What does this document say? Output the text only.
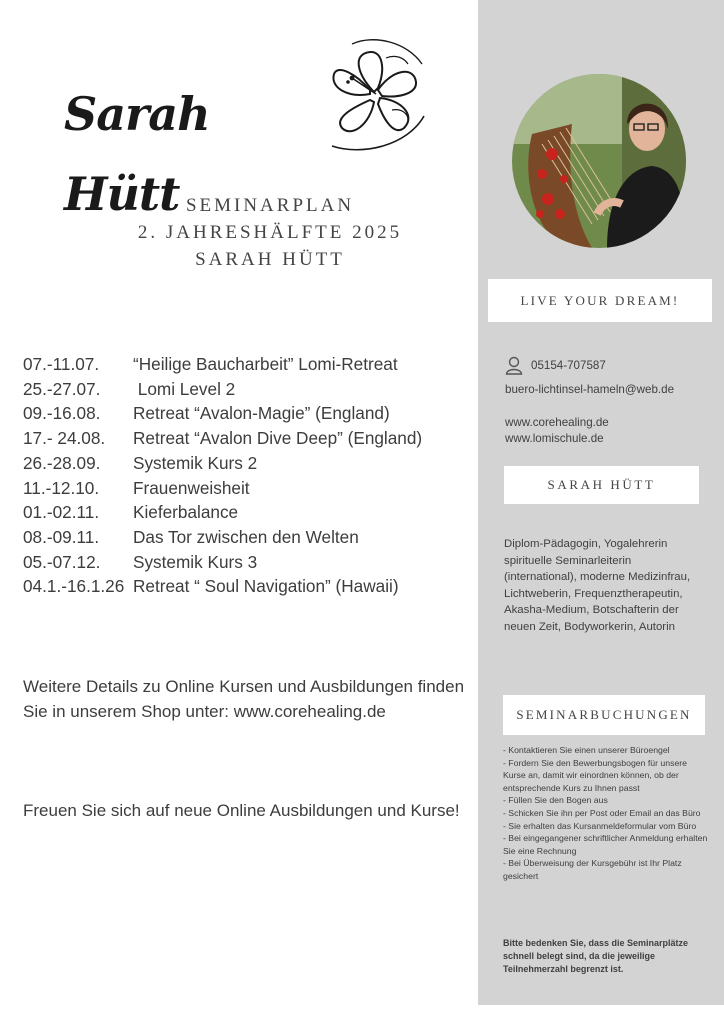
Sarah Hütt SEMINARPLAN
2. JAHRESHÄLFTE 2025
SARAH HÜTT
07.-11.07.	“Heilige Baucharbeit” Lomi-Retreat
25.-27.07.	Lomi Level 2
09.-16.08.	Retreat “Avalon-Magie” (England)
17.- 24.08.	Retreat “Avalon Dive Deep” (England)
26.-28.09.	Systemik Kurs 2
11.-12.10.	Frauenweisheit
01.-02.11.	Kieferbalance
08.-09.11.	Das Tor zwischen den Welten
05.-07.12.	Systemik Kurs 3
04.1.-16.1.26 Retreat “ Soul Navigation” (Hawaii)
Weitere Details zu Online Kursen und Ausbildungen finden Sie in unserem Shop unter: www.corehealing.de
Freuen Sie sich auf neue Online Ausbildungen und Kurse!
LIVE YOUR DREAM!
05154-707587
buero-lichtinsel-hameln@web.de
www.corehealing.de
www.lomischule.de
SARAH HÜTT
Diplom-Pädagogin, Yogalehrerin spirituelle Seminarleiterin (international), moderne Medizinfrau, Lichtweberin, Frequenztherapeutin, Akasha-Medium, Botschafterin der neuen Zeit, Bodyworkerin, Autorin
SEMINARBUCHUNGEN
- Kontaktieren Sie einen unserer Büroengel
- Fordern Sie den Bewerbungsbogen für unsere Kurse an, damit wir einordnen können, ob der entsprechende Kurs zu Ihnen passt
- Füllen Sie den Bogen aus
- Schicken Sie ihn per Post oder Email an das Büro
- Sie erhalten das Kursanmeldeformular vom Büro
- Bei eingegangener schriftlicher Anmeldung erhalten Sie eine Rechnung
- Bei Überweisung der Kursgebühr ist Ihr Platz gesichert
Bitte bedenken Sie, dass die Seminarplätze schnell belegt sind, da die jeweilige Teilnehmerzahl begrenzt ist.
